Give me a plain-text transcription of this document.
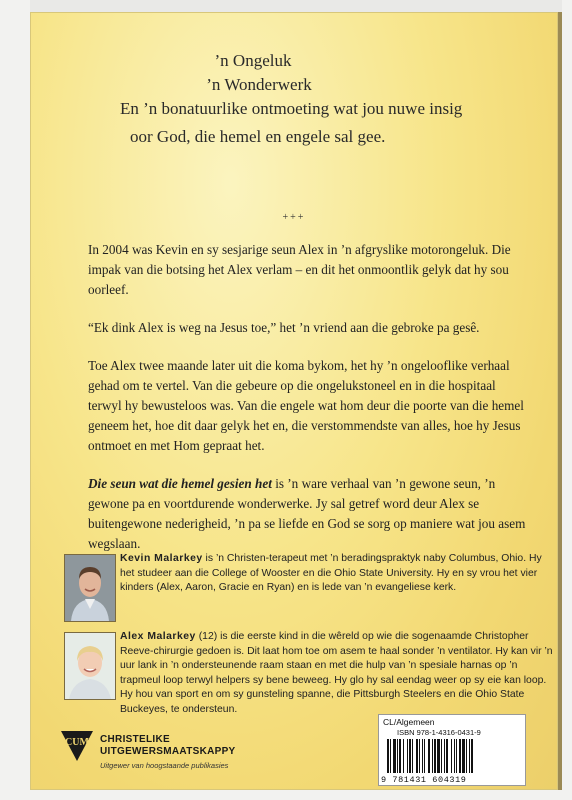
’n Ongeluk
’n Wonderwerk
En ’n bonatuurlike ontmoeting wat jou nuwe insig
oor God, die hemel en engele sal gee.
+++

In 2004 was Kevin en sy sesjarige seun Alex in ’n afgryslike motorongeluk. Die impak van die botsing het Alex verlam – en dit het onmoontlik gelyk dat hy sou oorleef.

“Ek dink Alex is weg na Jesus toe,” het ’n vriend aan die gebroke pa gesê.

Toe Alex twee maande later uit die koma bykom, het hy ’n ongelooflike verhaal gehad om te vertel. Van die gebeure op die ongelukstoneel en in die hospitaal terwyl hy bewusteloos was. Van die engele wat hom deur die poorte van die hemel geneem het, hoe dit daar gelyk het en, die verstommendste van alles, hoe hy Jesus ontmoet en met Hom gepraat het.

Die seun wat die hemel gesien het is ’n ware verhaal van ’n gewone seun, ’n gewone pa en voortdurende wonderwerke. Jy sal getref word deur Alex se buitengewone nederigheid, ’n pa se liefde en God se sorg op maniere wat jou asem wegslaan.

Kevin Malarkey is ’n Christen-terapeut met ’n beradingspraktyk naby Columbus, Ohio. Hy het studeer aan die College of Wooster en die Ohio State University. Hy en sy vrou het vier kinders (Alex, Aaron, Gracie en Ryan) en is lede van ’n evangeliese kerk.
Alex Malarkey (12) is die eerste kind in die wêreld op wie die sogenaamde Christopher Reeve-chirurgie gedoen is. Dit laat hom toe om asem te haal sonder ’n ventilator. Hy kan vir ’n uur lank in ’n ondersteunende raam staan en met die hulp van ’n spesiale harnas op ’n trapmeul loop terwyl helpers sy bene beweeg. Hy glo hy sal eendag weer op sy eie kan loop. Hy hou van sport en om sy gunsteling spanne, die Pittsburgh Steelers en die Ohio State Buckeyes, te ondersteun.
CUM CHRISTELIKE
UITGEWERSMAATSKAPPY
Uitgewer van hoogstaande publikasies
CL/Algemeen
ISBN 978-1-4316-0431-9
9 781431 604319
